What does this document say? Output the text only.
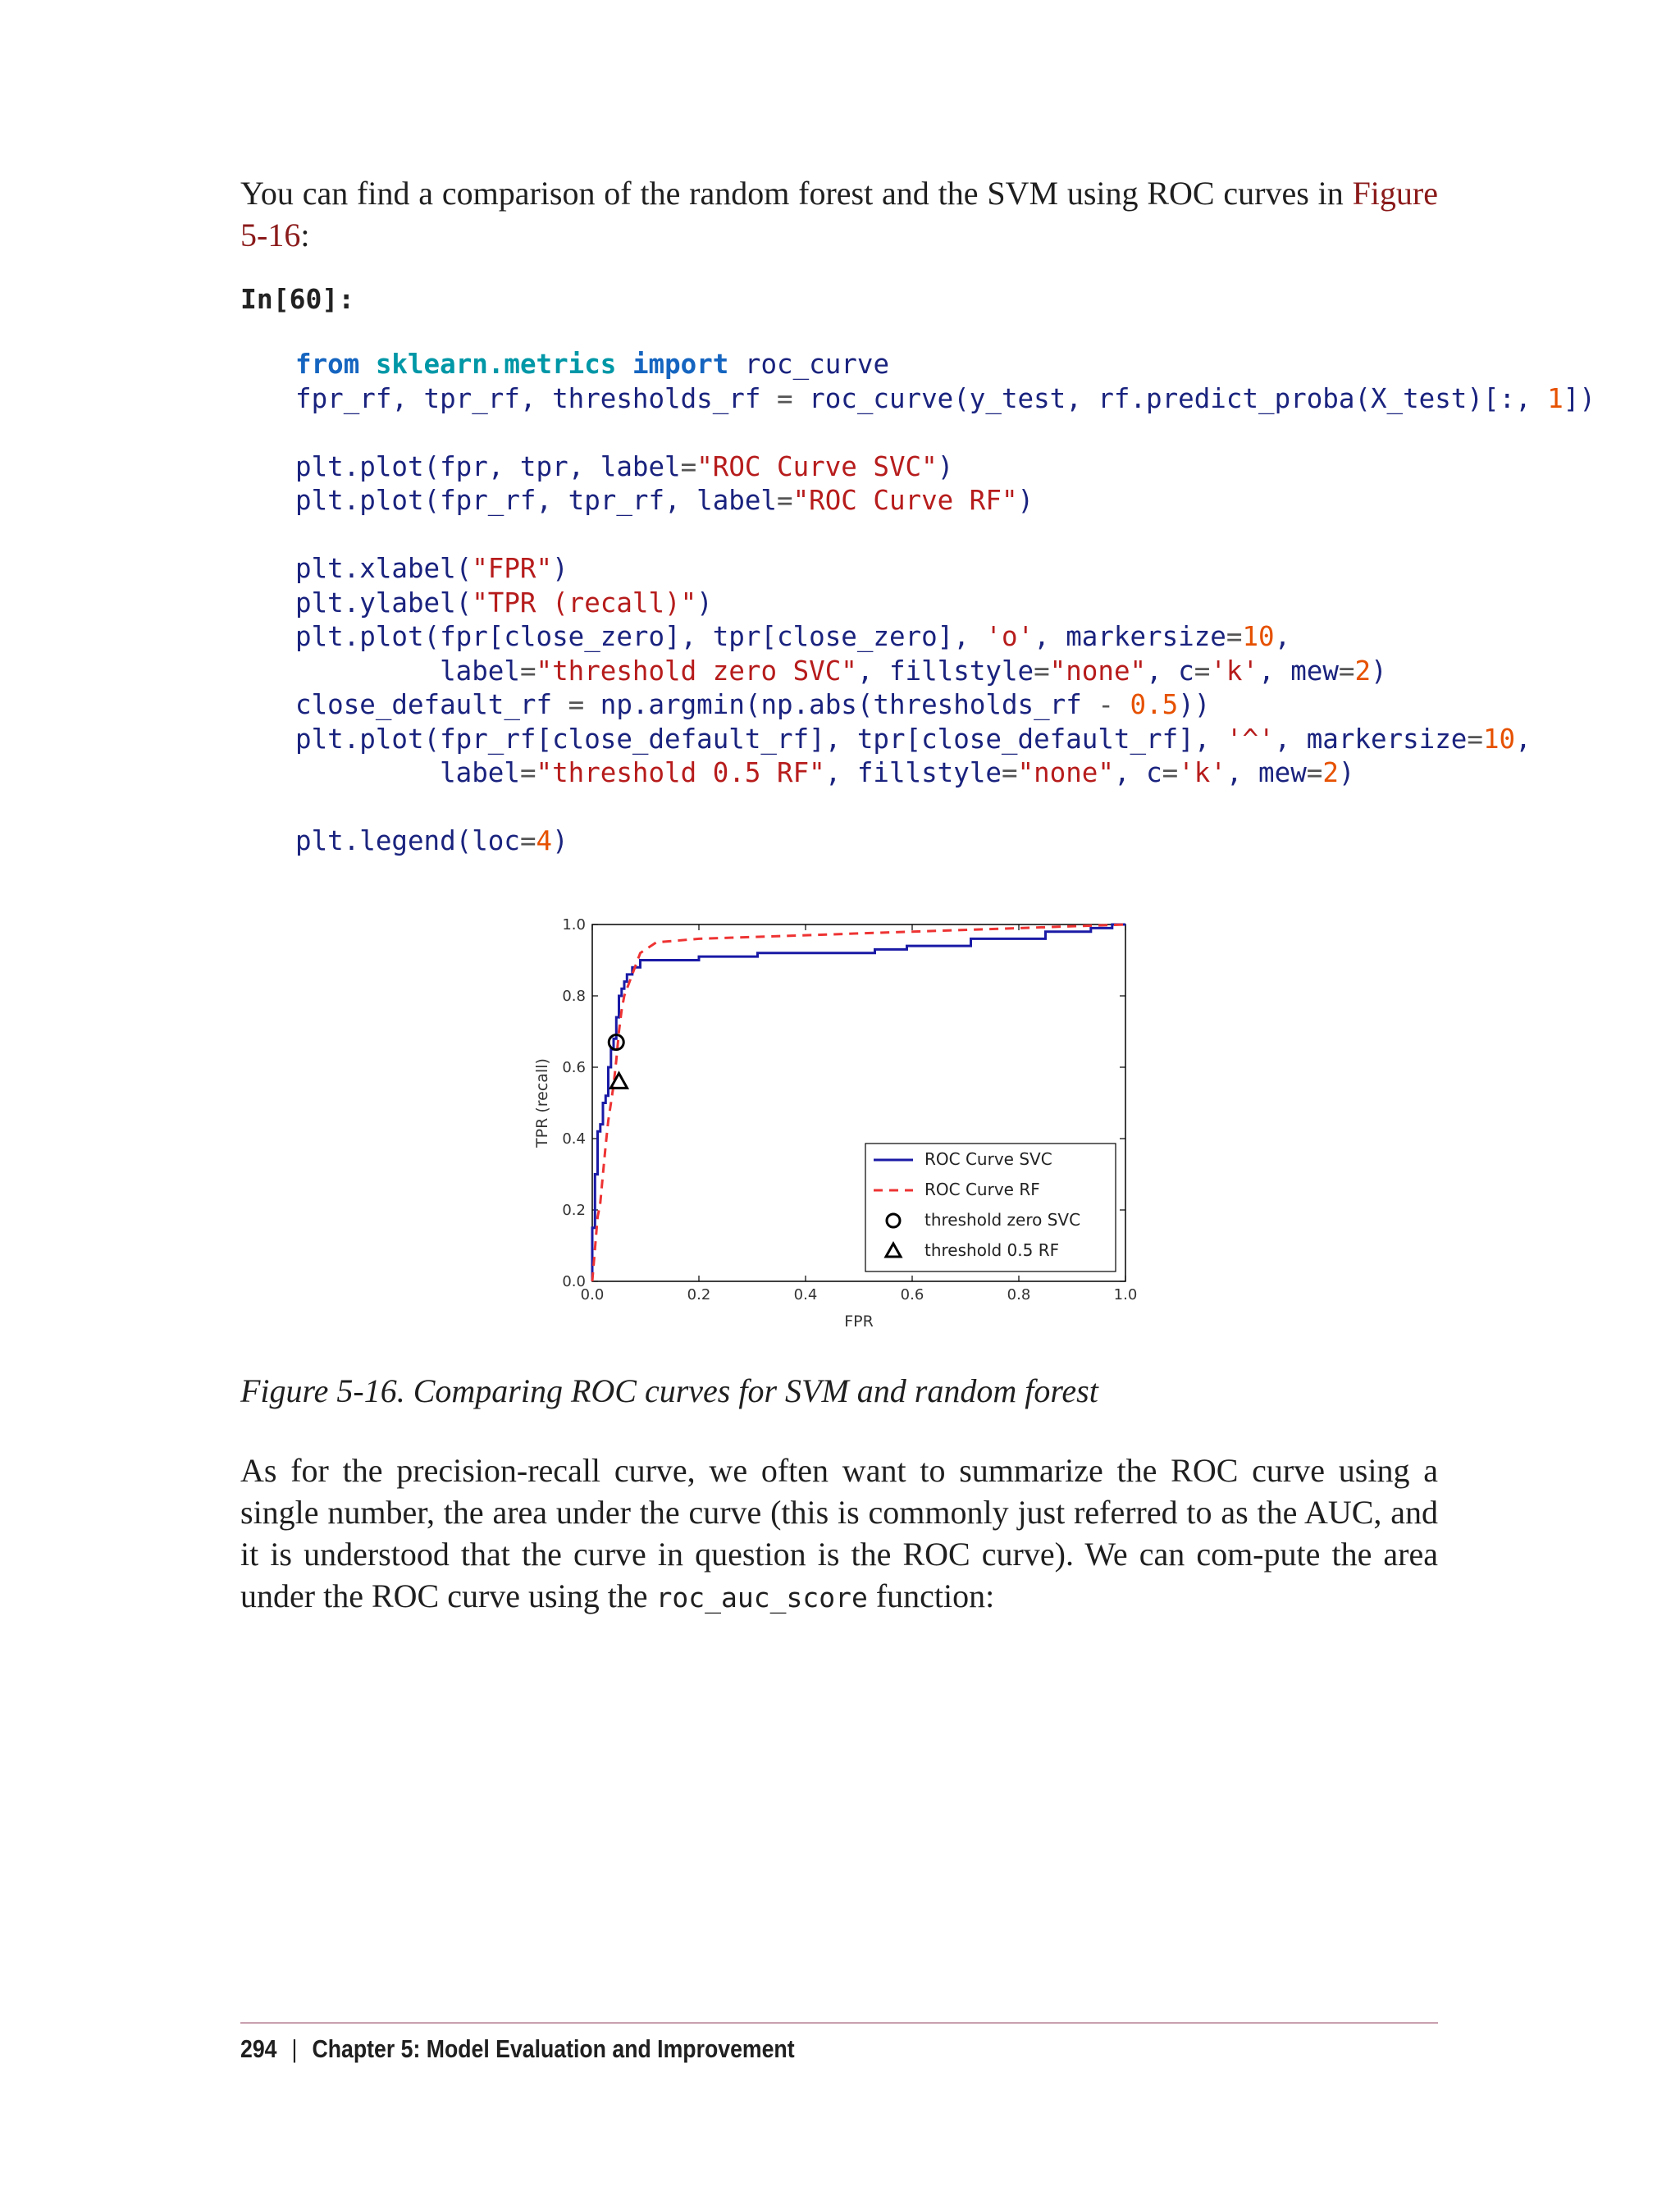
You can find a comparison of the random forest and the SVM using ROC curves in Figure 5-16:

In[60]:
from sklearn.metrics import roc_curve
fpr_rf, tpr_rf, thresholds_rf = roc_curve(y_test, rf.predict_proba(X_test)[:, 1])

plt.plot(fpr, tpr, label="ROC Curve SVC")
plt.plot(fpr_rf, tpr_rf, label="ROC Curve RF")

plt.xlabel("FPR")
plt.ylabel("TPR (recall)")
plt.plot(fpr[close_zero], tpr[close_zero], 'o', markersize=10,
label="threshold zero SVC", fillstyle="none", c='k', mew=2)
close_default_rf = np.argmin(np.abs(thresholds_rf - 0.5))
plt.plot(fpr_rf[close_default_rf], tpr[close_default_rf], '^', markersize=10,
label="threshold 0.5 RF", fillstyle="none", c='k', mew=2)

plt.legend(loc=4)
0.0	0.2	0.4	0.6	0.8	1.0
0.0
0.2
0.4
0.6
0.8
1.0
FPR
TPR (recall)
ROC Curve SVC
ROC Curve RF
threshold zero SVC
threshold 0.5 RF
Figure 5-16. Comparing ROC curves for SVM and random forest

As for the precision-recall curve, we often want to summarize the ROC curve using a single number, the area under the curve (this is commonly just referred to as the AUC, and it is understood that the curve in question is the ROC curve). We can com-pute the area under the ROC curve using the roc_auc_score function:

294 | Chapter 5: Model Evaluation and Improvement
